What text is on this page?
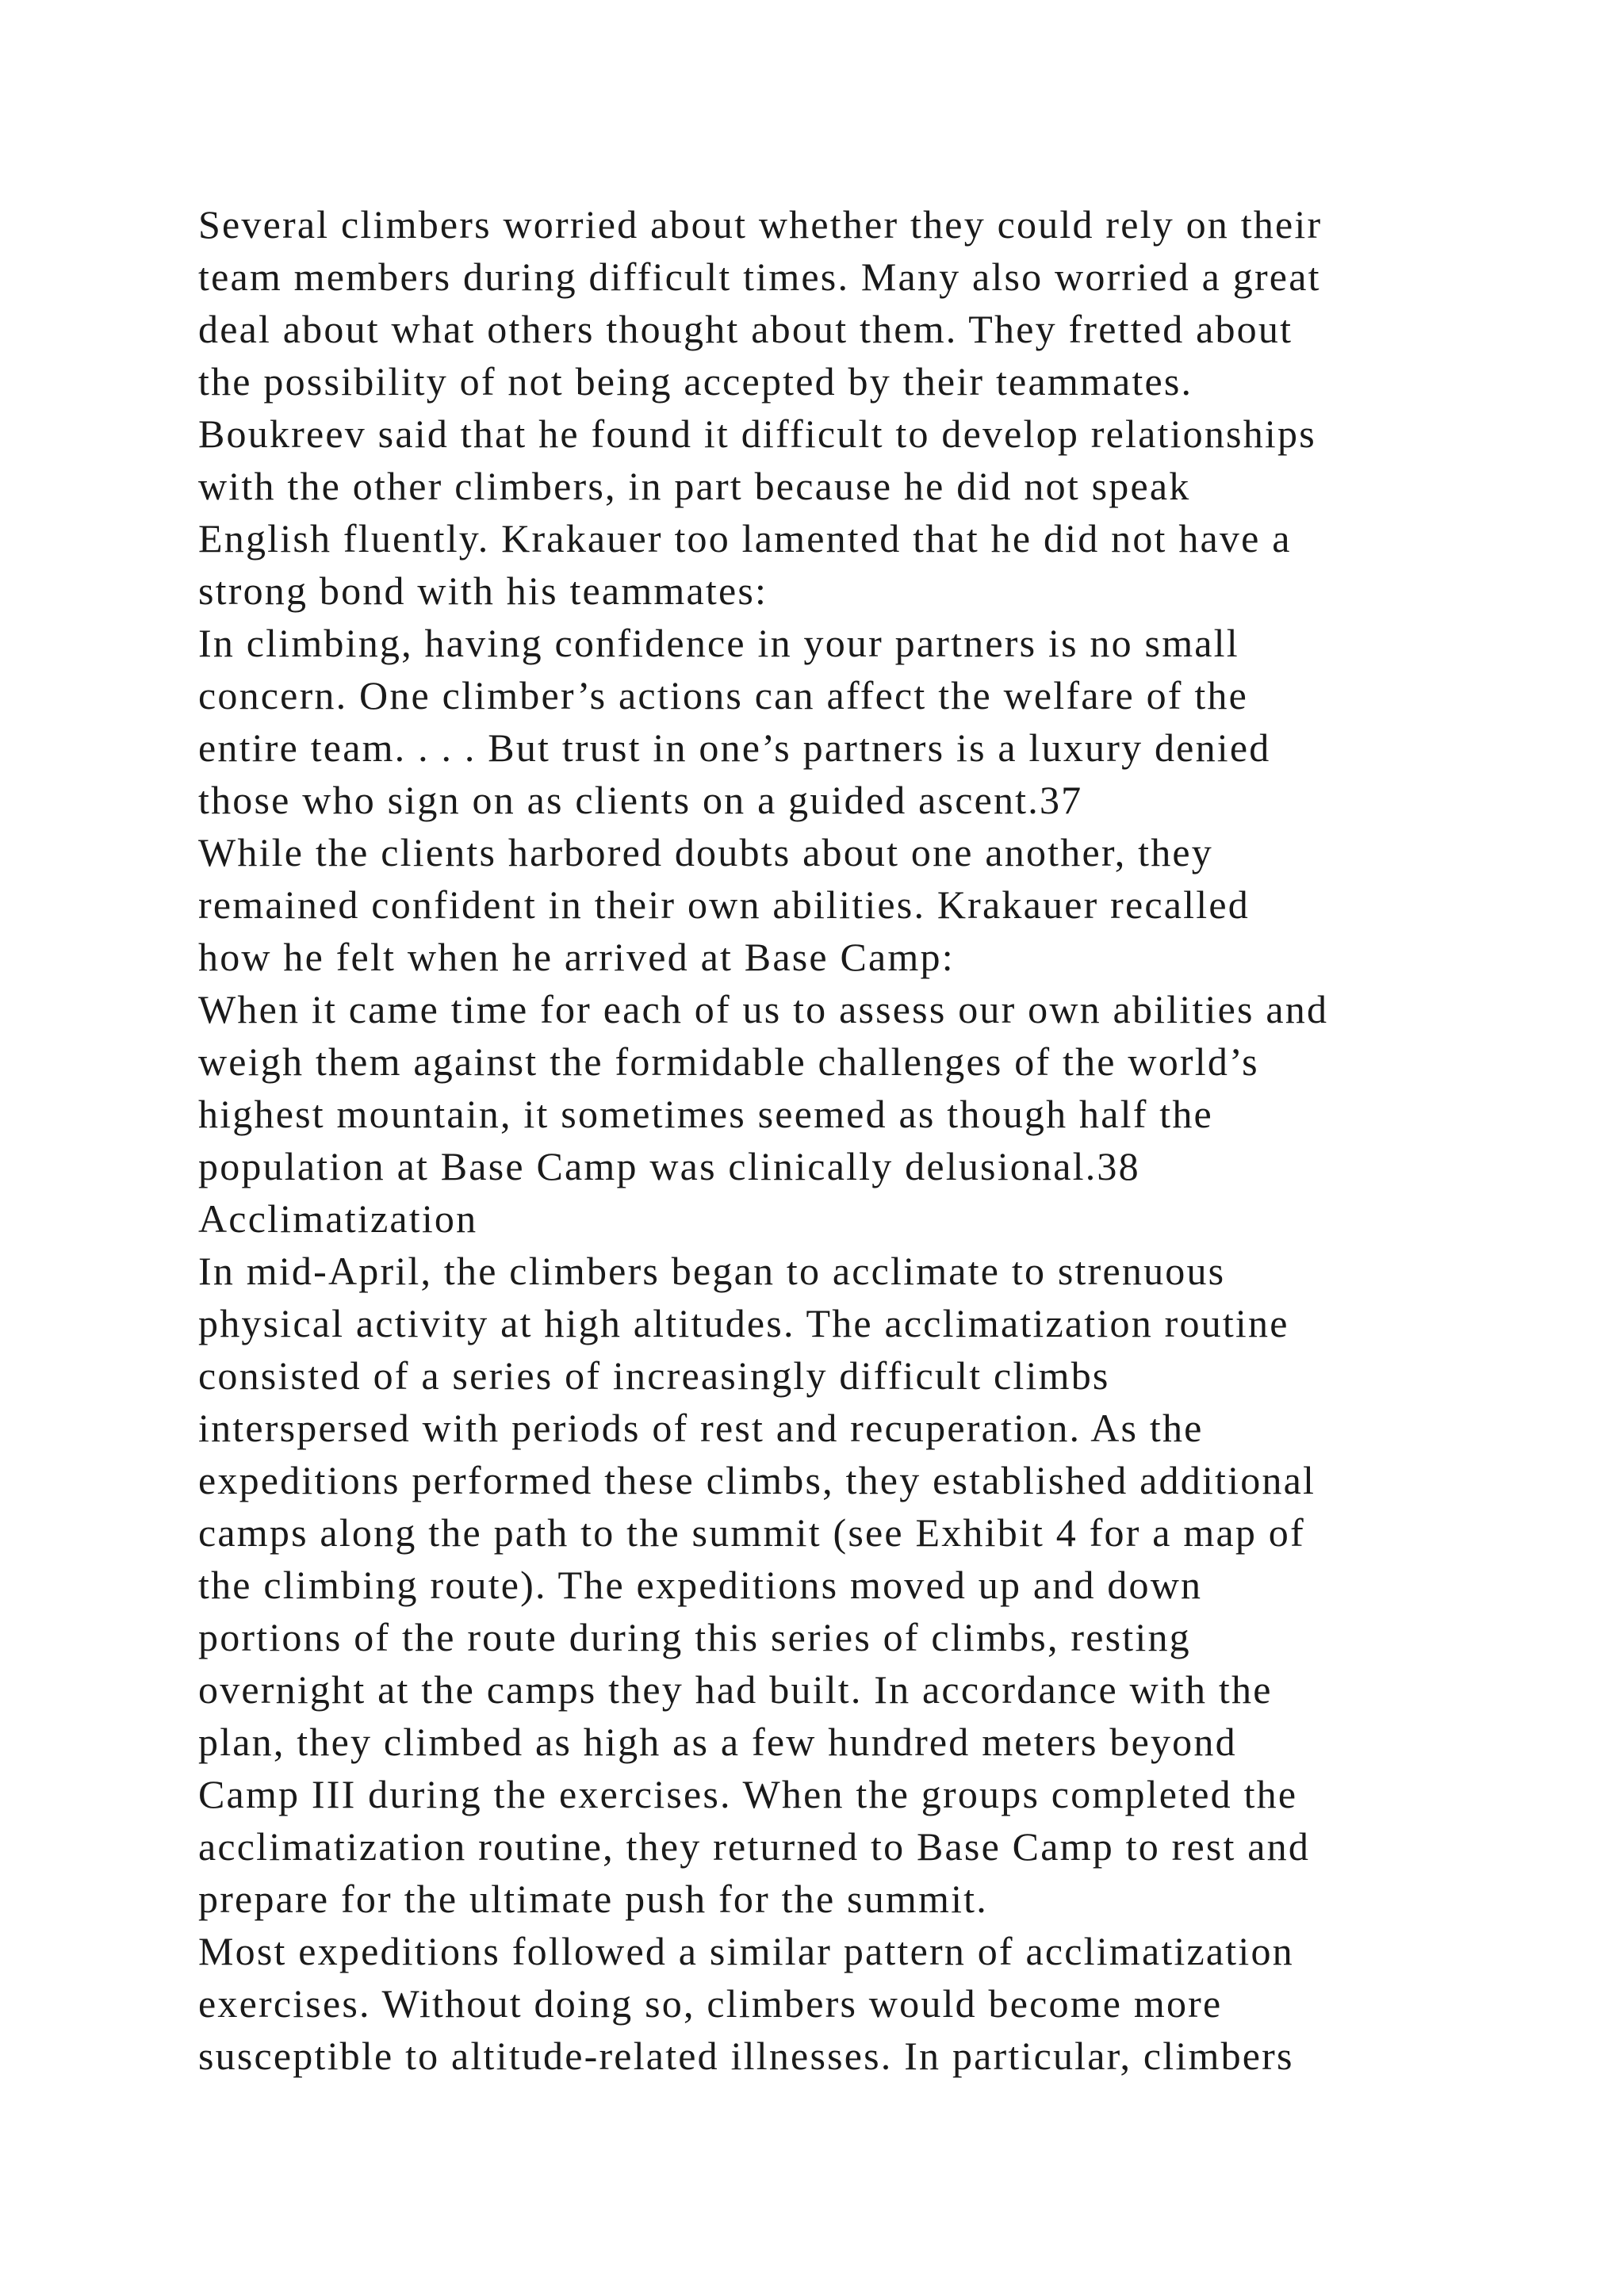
Several climbers worried about whether they could rely on their
team members during difficult times. Many also worried a great
deal about what others thought about them. They fretted about
the possibility of not being accepted by their teammates.
Boukreev said that he found it difficult to develop relationships
with the other climbers, in part because he did not speak
English fluently. Krakauer too lamented that he did not have a
strong bond with his teammates:
In climbing, having confidence in your partners is no small
concern. One climber’s actions can affect the welfare of the
entire team. . . . But trust in one’s partners is a luxury denied
those who sign on as clients on a guided ascent.37
While the clients harbored doubts about one another, they
remained confident in their own abilities. Krakauer recalled
how he felt when he arrived at Base Camp:
When it came time for each of us to assess our own abilities and
weigh them against the formidable challenges of the world’s
highest mountain, it sometimes seemed as though half the
population at Base Camp was clinically delusional.38
Acclimatization
In mid-April, the climbers began to acclimate to strenuous
physical activity at high altitudes. The acclimatization routine
consisted of a series of increasingly difficult climbs
interspersed with periods of rest and recuperation. As the
expeditions performed these climbs, they established additional
camps along the path to the summit (see Exhibit 4 for a map of
the climbing route). The expeditions moved up and down
portions of the route during this series of climbs, resting
overnight at the camps they had built. In accordance with the
plan, they climbed as high as a few hundred meters beyond
Camp III during the exercises. When the groups completed the
acclimatization routine, they returned to Base Camp to rest and
prepare for the ultimate push for the summit.
Most expeditions followed a similar pattern of acclimatization
exercises. Without doing so, climbers would become more
susceptible to altitude-related illnesses. In particular, climbers
